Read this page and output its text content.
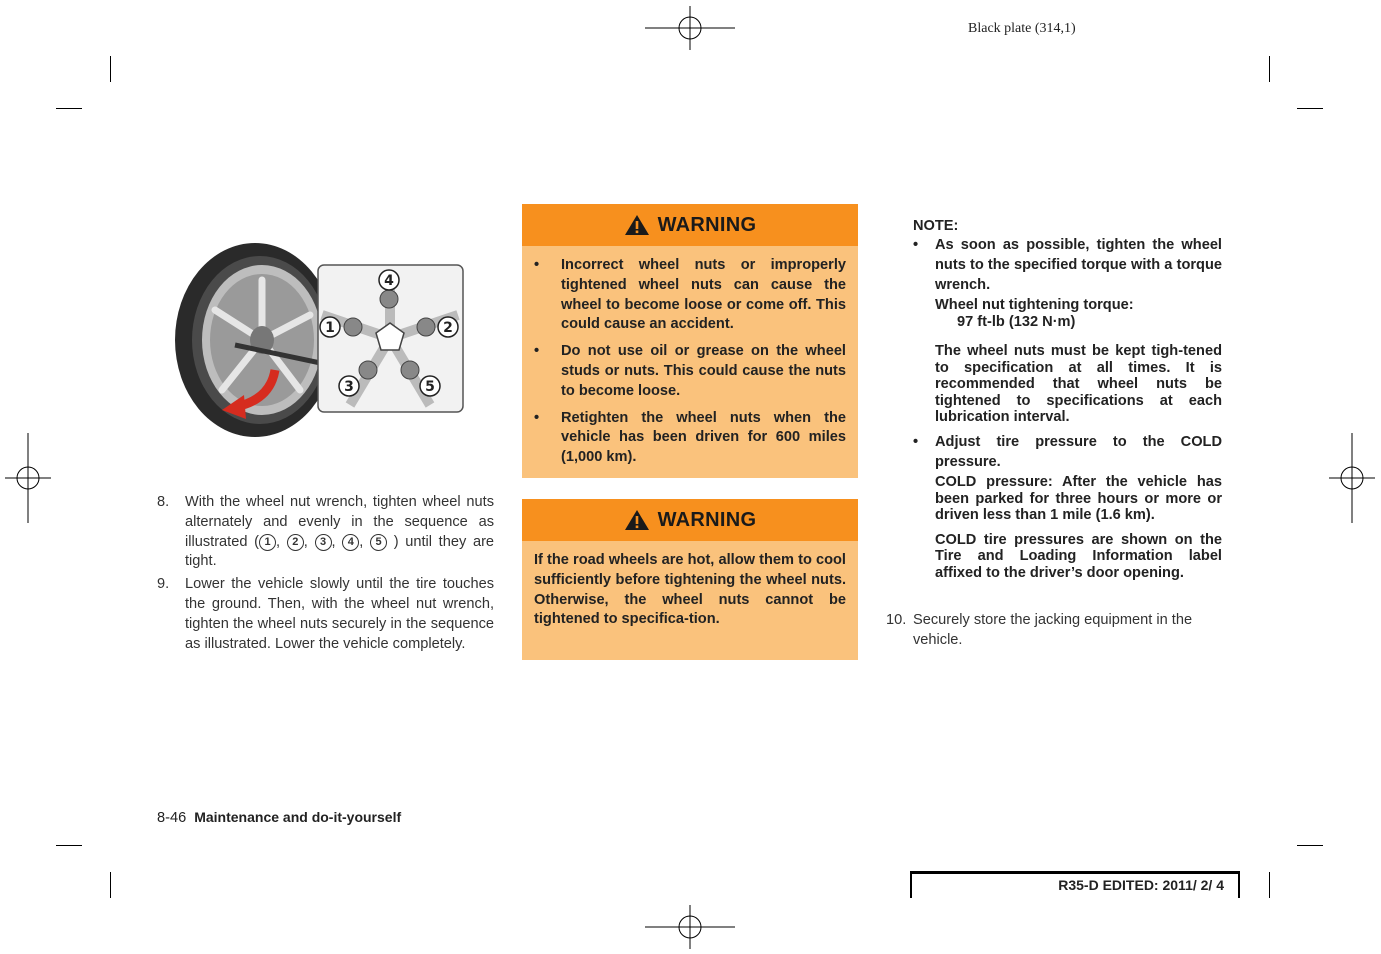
Black plate (314,1)
4
2
5
3
1
8.	With the wheel nut wrench, tighten wheel nuts alternately and evenly in the sequence as illustrated ( 1 , 2 , 3 , 4 , 5 ) until they are tight.
9.	Lower the vehicle slowly until the tire touches the ground. Then, with the wheel nut wrench, tighten the wheel nuts securely in the sequence as illustrated. Lower the vehicle completely.
WARNING
•	Incorrect wheel nuts or improperly tightened wheel nuts can cause the wheel to become loose or come off. This could cause an accident.
•	Do not use oil or grease on the wheel studs or nuts. This could cause the nuts to become loose.
•	Retighten the wheel nuts when the vehicle has been driven for 600 miles (1,000 km).
WARNING
If the road wheels are hot, allow them to cool sufficiently before tightening the wheel nuts. Otherwise, the wheel nuts cannot be tightened to specifica-tion.
NOTE:
•	As soon as possible, tighten the wheel nuts to the specified torque with a torque wrench.
Wheel nut tightening torque:
97 ft-lb (132 N·m)
The wheel nuts must be kept tigh-tened to specification at all times. It is recommended that wheel nuts be tightened to specifications at each lubrication interval.
•	Adjust tire pressure to the COLD pressure.
COLD pressure: After the vehicle has been parked for three hours or more or driven less than 1 mile (1.6 km).
COLD tire pressures are shown on the Tire and Loading Information label affixed to the driver’s door opening.
10. Securely store the jacking equipment in the vehicle.
8-46 Maintenance and do-it-yourself
R35-D EDITED: 2011/ 2/ 4
